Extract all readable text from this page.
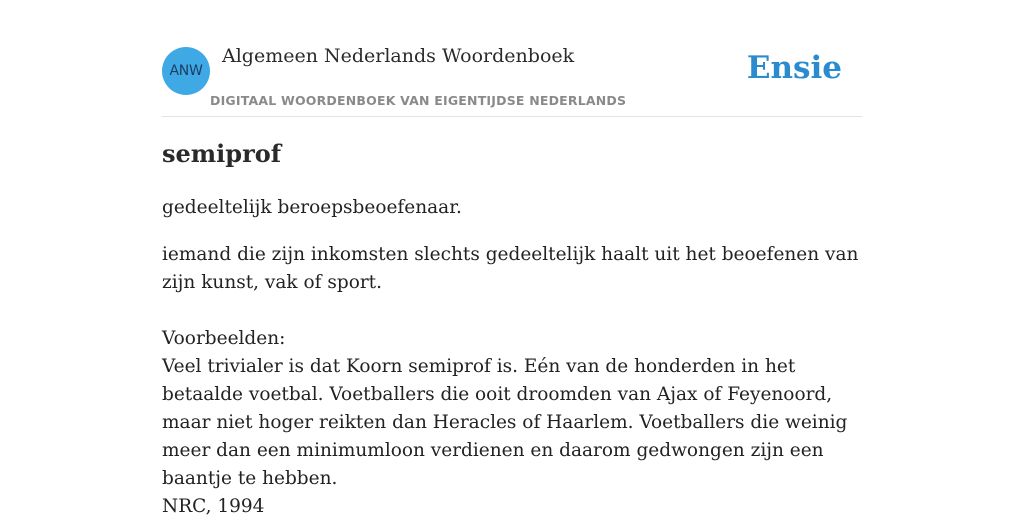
ANW
Algemeen Nederlands Woordenboek
DIGITAAL WOORDENBOEK VAN EIGENTIJDSE NEDERLANDS
Ensie
semiprof

gedeeltelijk beroepsbeoefenaar.

iemand die zijn inkomsten slechts gedeeltelijk haalt uit het beoefenen van zijn kunst, vak of sport.

Voorbeelden:
Veel trivialer is dat Koorn semiprof is. Eén van de honderden in het betaalde voetbal. Voetballers die ooit droomden van Ajax of Feyenoord, maar niet hoger reikten dan Heracles of Haarlem. Voetballers die weinig meer dan een minimumloon verdienen en daarom gedwongen zijn een baantje te hebben.
NRC, 1994
